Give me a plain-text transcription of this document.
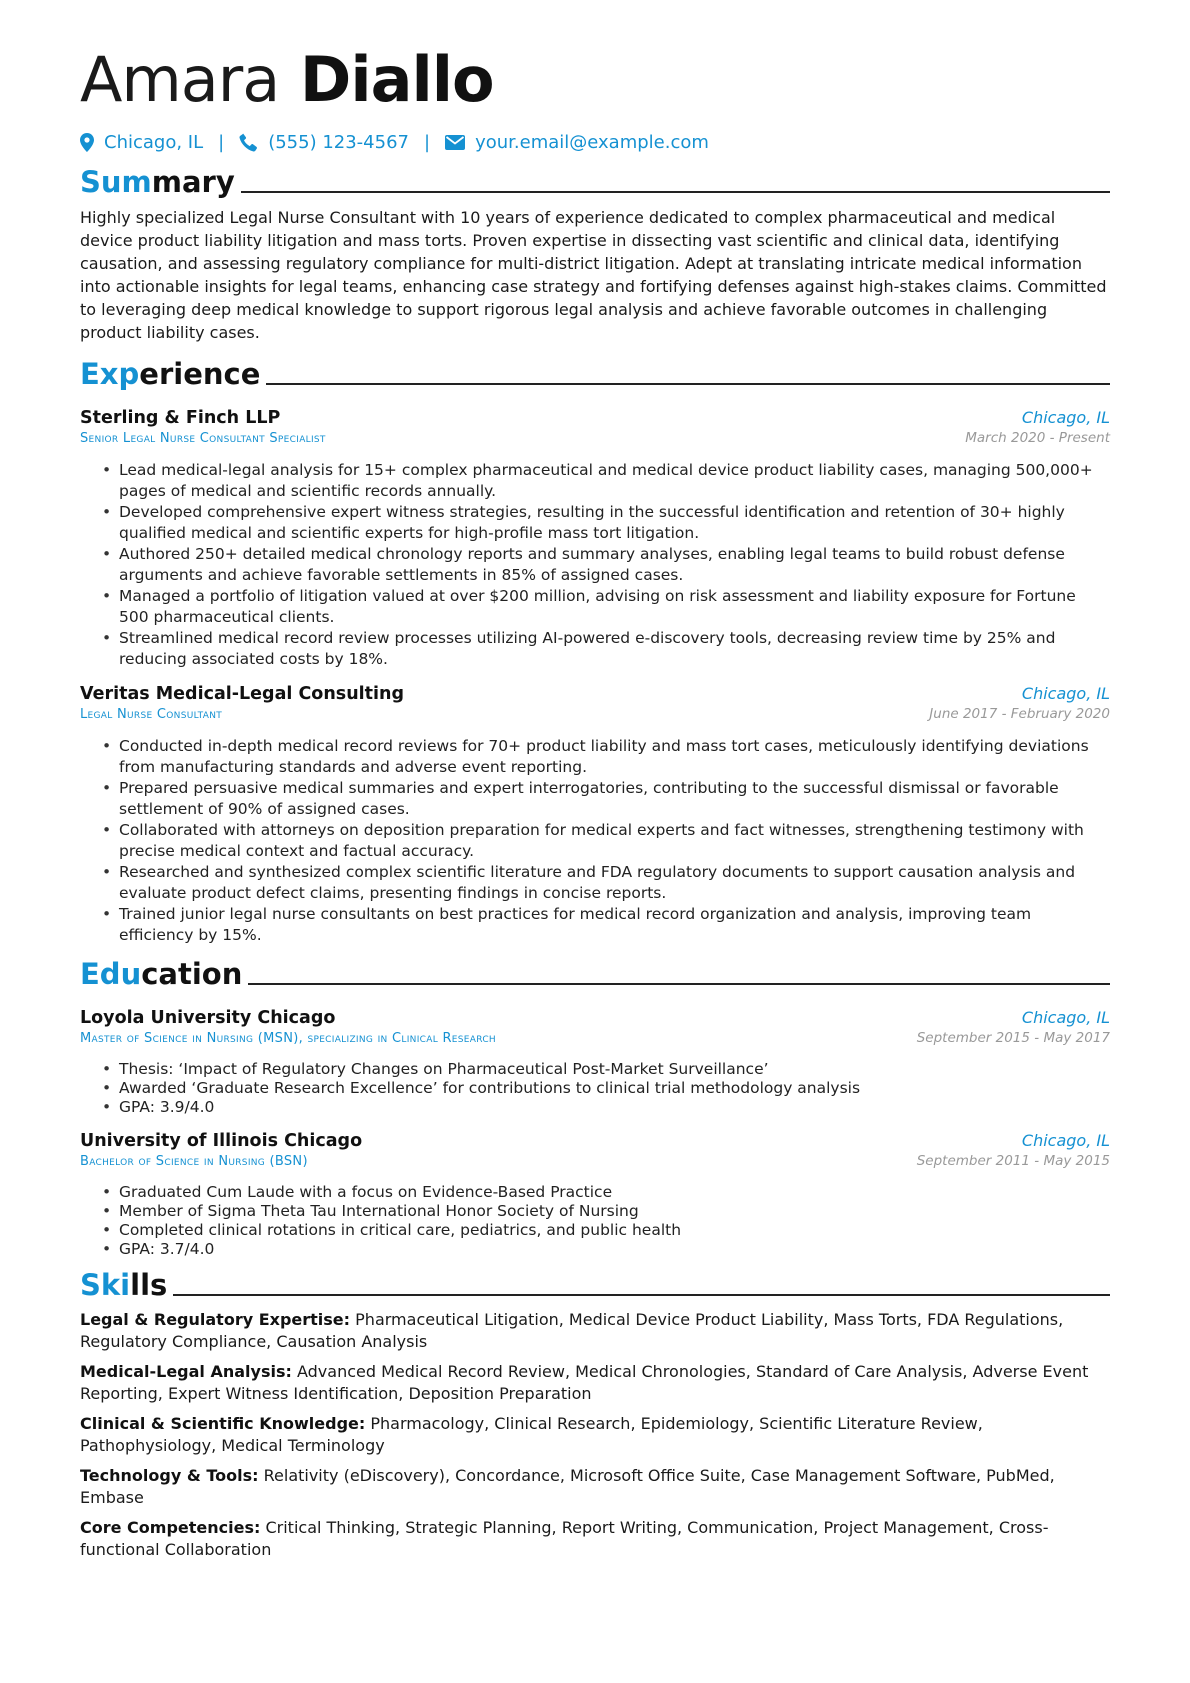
Amara Diallo
Chicago, IL | (555) 123-4567 |	your.email@example.com
Summary

Highly specialized Legal Nurse Consultant with 10 years of experience dedicated to complex pharmaceutical and medical device product liability litigation and mass torts. Proven expertise in dissecting vast scientific and clinical data, identifying causation, and assessing regulatory compliance for multi-district litigation. Adept at translating intricate medical information into actionable insights for legal teams, enhancing case strategy and fortifying defenses against high-stakes claims. Committed to leveraging deep medical knowledge to support rigorous legal analysis and achieve favorable outcomes in challenging product liability cases.

Experience
Sterling & Finch LLP	Chicago, IL
Senior Legal Nurse Consultant Specialist	March 2020 - Present
• Lead medical-legal analysis for 15+ complex pharmaceutical and medical device product liability cases, managing 500,000+ pages of medical and scientific records annually.
• Developed comprehensive expert witness strategies, resulting in the successful identification and retention of 30+ highly qualified medical and scientific experts for high-profile mass tort litigation.
• Authored 250+ detailed medical chronology reports and summary analyses, enabling legal teams to build robust defense arguments and achieve favorable settlements in 85% of assigned cases.
• Managed a portfolio of litigation valued at over $200 million, advising on risk assessment and liability exposure for Fortune 500 pharmaceutical clients.
• Streamlined medical record review processes utilizing AI-powered e-discovery tools, decreasing review time by 25% and reducing associated costs by 18%.
Veritas Medical-Legal Consulting	Chicago, IL
Legal Nurse Consultant	June 2017 - February 2020
• Conducted in-depth medical record reviews for 70+ product liability and mass tort cases, meticulously identifying deviations from manufacturing standards and adverse event reporting.
• Prepared persuasive medical summaries and expert interrogatories, contributing to the successful dismissal or favorable settlement of 90% of assigned cases.
• Collaborated with attorneys on deposition preparation for medical experts and fact witnesses, strengthening testimony with precise medical context and factual accuracy.
• Researched and synthesized complex scientific literature and FDA regulatory documents to support causation analysis and evaluate product defect claims, presenting findings in concise reports.
• Trained junior legal nurse consultants on best practices for medical record organization and analysis, improving team efficiency by 15%.
Education
Loyola University Chicago	Chicago, IL
Master of Science in Nursing (MSN), specializing in Clinical Research	September 2015 - May 2017
• Thesis: ‘Impact of Regulatory Changes on Pharmaceutical Post-Market Surveillance’
• Awarded ‘Graduate Research Excellence’ for contributions to clinical trial methodology analysis
• GPA: 3.9/4.0
University of Illinois Chicago	Chicago, IL
Bachelor of Science in Nursing (BSN)	September 2011 - May 2015
• Graduated Cum Laude with a focus on Evidence-Based Practice
• Member of Sigma Theta Tau International Honor Society of Nursing
• Completed clinical rotations in critical care, pediatrics, and public health
• GPA: 3.7/4.0
Skills
Legal & Regulatory Expertise: Pharmaceutical Litigation, Medical Device Product Liability, Mass Torts, FDA Regulations, Regulatory Compliance, Causation Analysis
Medical-Legal Analysis: Advanced Medical Record Review, Medical Chronologies, Standard of Care Analysis, Adverse Event Reporting, Expert Witness Identification, Deposition Preparation
Clinical & Scientific Knowledge: Pharmacology, Clinical Research, Epidemiology, Scientific Literature Review, Pathophysiology, Medical Terminology
Technology & Tools: Relativity (eDiscovery), Concordance, Microsoft Office Suite, Case Management Software, PubMed, Embase
Core Competencies: Critical Thinking, Strategic Planning, Report Writing, Communication, Project Management, Cross-functional Collaboration
